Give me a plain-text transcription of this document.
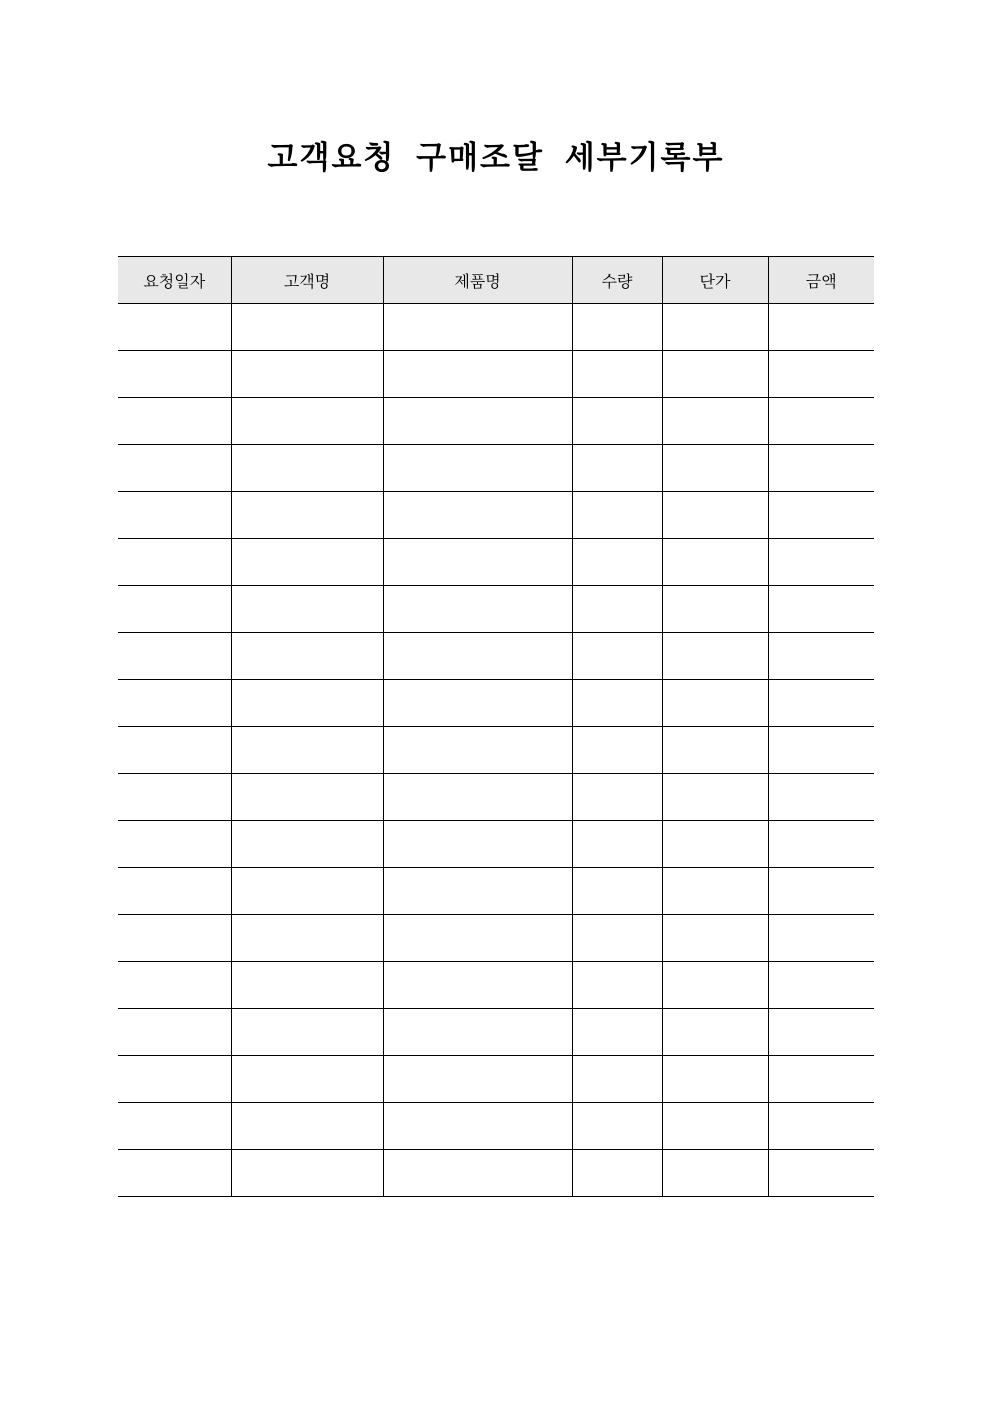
고객요청 구매조달 세부기록부
요청일자	고객명	제품명	수량	단가	금액
